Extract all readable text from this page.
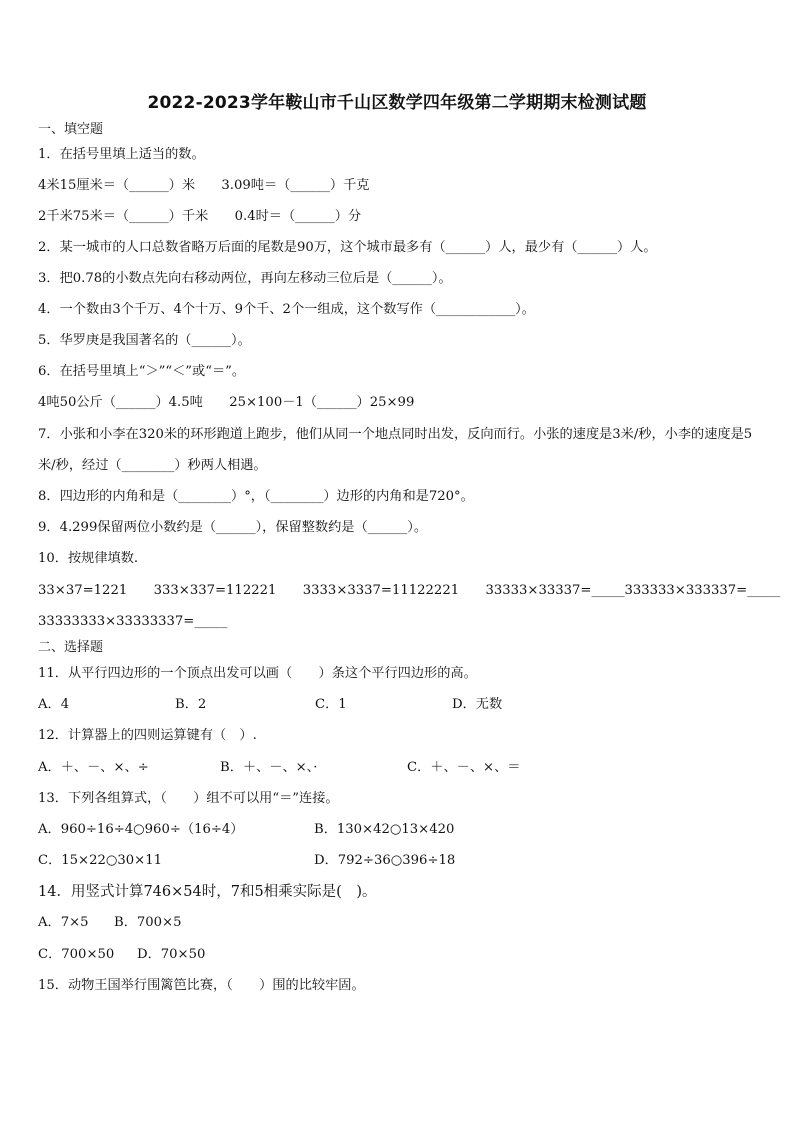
2022-2023学年鞍山市千山区数学四年级第二学期期末检测试题
一、填空题
1．在括号里填上适当的数。
4米15厘米＝（______）米　　3.09吨＝（______）千克
2千米75米＝（______）千米　　0.4时＝（______）分
2．某一城市的人口总数省略万后面的尾数是90万，这个城市最多有（______）人，最少有（______）人。
3．把0.78的小数点先向右移动两位，再向左移动三位后是（______）。
4．一个数由3个千万、4个十万、9个千、2个一组成，这个数写作（____________）。
5．华罗庚是我国著名的（______）。
6．在括号里填上“＞”“＜”或“＝”。
4吨50公斤（______）4.5吨　　25×100－1（______）25×99
7．小张和小李在320米的环形跑道上跑步，他们从同一个地点同时出发，反向而行。小张的速度是3米/秒，小李的速度是5米/秒，经过（________）秒两人相遇。
8．四边形的内角和是（________）°，（________）边形的内角和是720°。
9．4.299保留两位小数约是（______），保留整数约是（______）。
10．按规律填数.
33×37=1221　　333×337=112221　　3333×3337=11122221　　33333×33337=_____333333×333337=_____
33333333×33333337=_____
二、选择题
11．从平行四边形的一个顶点出发可以画（　　）条这个平行四边形的高。
A．4	B．2	C．1	D．无数
12．计算器上的四则运算键有（　）.
A．＋、－、×、÷	B．＋、－、×、·	C．＋、－、×、＝
13．下列各组算式，（　　）组不可以用“＝”连接。
A．960÷16÷4○960÷（16÷4）	B．130×42○13×420
C．15×22○30×11	D．792÷36○396÷18
14．用竖式计算746×54时，7和5相乘实际是(　)。
A．7×5 B．700×5
C．700×50 D．70×50
15．动物王国举行围篱笆比赛，（　　）围的比较牢固。
